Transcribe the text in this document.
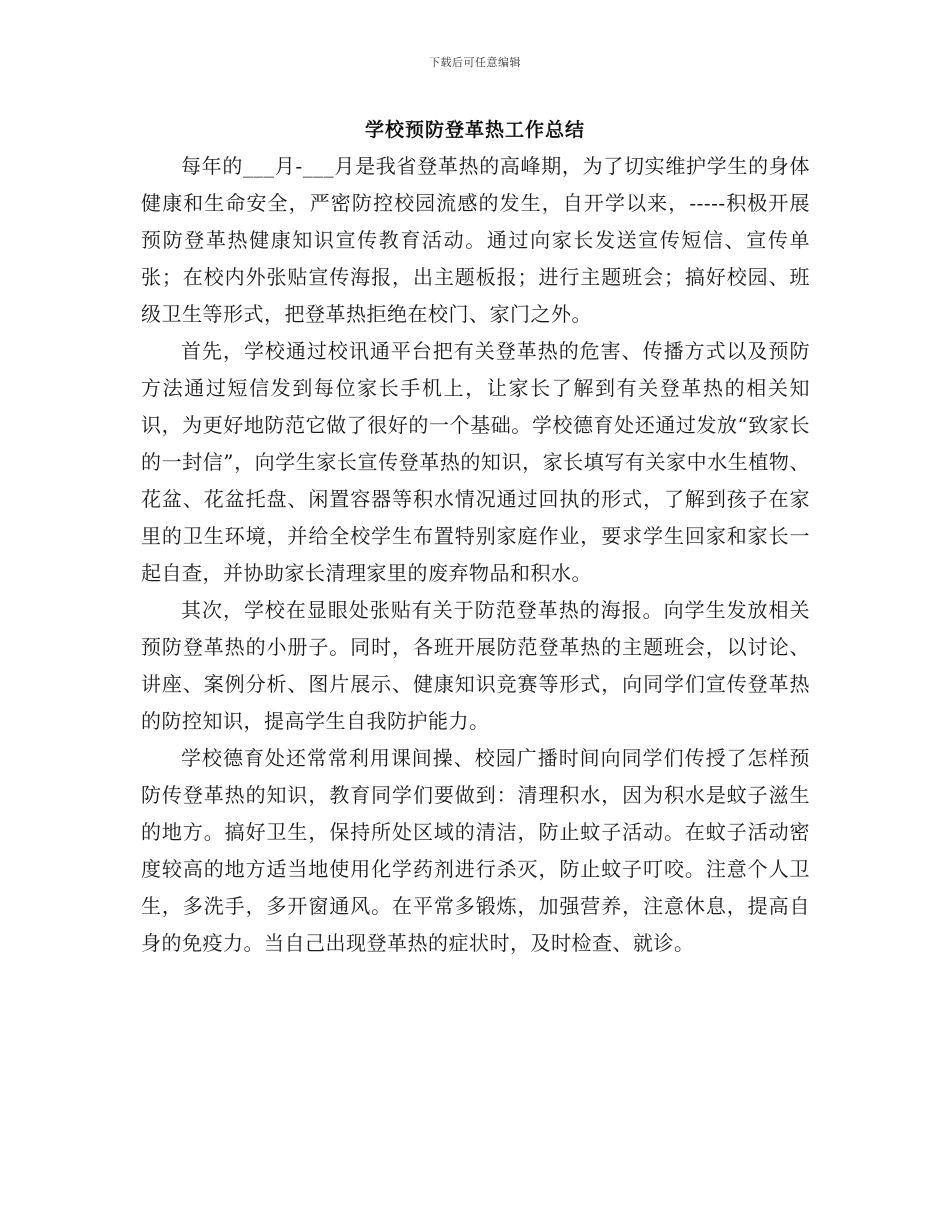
下载后可任意编辑
学校预防登革热工作总结

每年的___月-___月是我省登革热的高峰期，为了切实维护学生的身体健康和生命安全，严密防控校园流感的发生，自开学以来，-----积极开展预防登革热健康知识宣传教育活动。通过向家长发送宣传短信、宣传单张；在校内外张贴宣传海报，出主题板报；进行主题班会；搞好校园、班级卫生等形式，把登革热拒绝在校门、家门之外。

首先，学校通过校讯通平台把有关登革热的危害、传播方式以及预防方法通过短信发到每位家长手机上，让家长了解到有关登革热的相关知识，为更好地防范它做了很好的一个基础。学校德育处还通过发放“致家长的一封信”，向学生家长宣传登革热的知识，家长填写有关家中水生植物、花盆、花盆托盘、闲置容器等积水情况通过回执的形式，了解到孩子在家里的卫生环境，并给全校学生布置特别家庭作业，要求学生回家和家长一起自查，并协助家长清理家里的废弃物品和积水。

其次，学校在显眼处张贴有关于防范登革热的海报。向学生发放相关预防登革热的小册子。同时，各班开展防范登革热的主题班会，以讨论、讲座、案例分析、图片展示、健康知识竞赛等形式，向同学们宣传登革热的防控知识，提高学生自我防护能力。

学校德育处还常常利用课间操、校园广播时间向同学们传授了怎样预防传登革热的知识，教育同学们要做到：清理积水，因为积水是蚊子滋生的地方。搞好卫生，保持所处区域的清洁，防止蚊子活动。在蚊子活动密度较高的地方适当地使用化学药剂进行杀灭，防止蚊子叮咬。注意个人卫生，多洗手，多开窗通风。在平常多锻炼，加强营养，注意休息，提高自身的免疫力。当自己出现登革热的症状时，及时检查、就诊。
